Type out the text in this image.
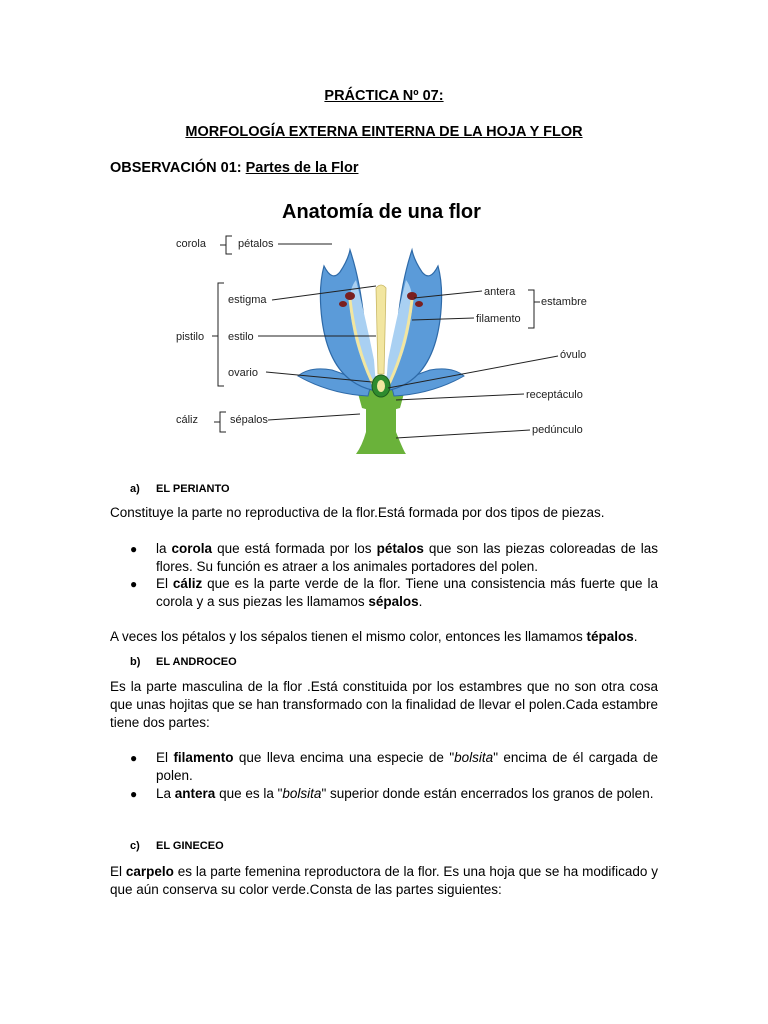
PRÁCTICA Nº 07:
MORFOLOGÍA EXTERNA EINTERNA DE LA HOJA Y FLOR
OBSERVACIÓN 01: Partes de la Flor
Anatomía de una flor
corola	pétalos
estigma
pistilo estilo
ovario
cáliz	sépalos
antera
estambre
filamento
óvulo
receptáculo
pedúnculo
a) EL PERIANTO
Constituye la parte no reproductiva de la flor.Está formada por dos tipos de piezas.
● la corola que está formada por los pétalos que son las piezas coloreadas de las flores. Su función es atraer a los animales portadores del polen.
● El cáliz que es la parte verde de la flor. Tiene una consistencia más fuerte que la corola y a sus piezas les llamamos sépalos.
A veces los pétalos y los sépalos tienen el mismo color, entonces les llamamos tépalos.
b) EL ANDROCEO
Es la parte masculina de la flor .Está constituida por los estambres que no son otra cosa que unas hojitas que se han transformado con la finalidad de llevar el polen.Cada estambre tiene dos partes:
● El filamento que lleva encima una especie de "bolsita" encima de él cargada de polen.
● La antera que es la "bolsita" superior donde están encerrados los granos de polen.
c) EL GINECEO
El carpelo es la parte femenina reproductora de la flor. Es una hoja que se ha modificado y que aún conserva su color verde.Consta de las partes siguientes:
